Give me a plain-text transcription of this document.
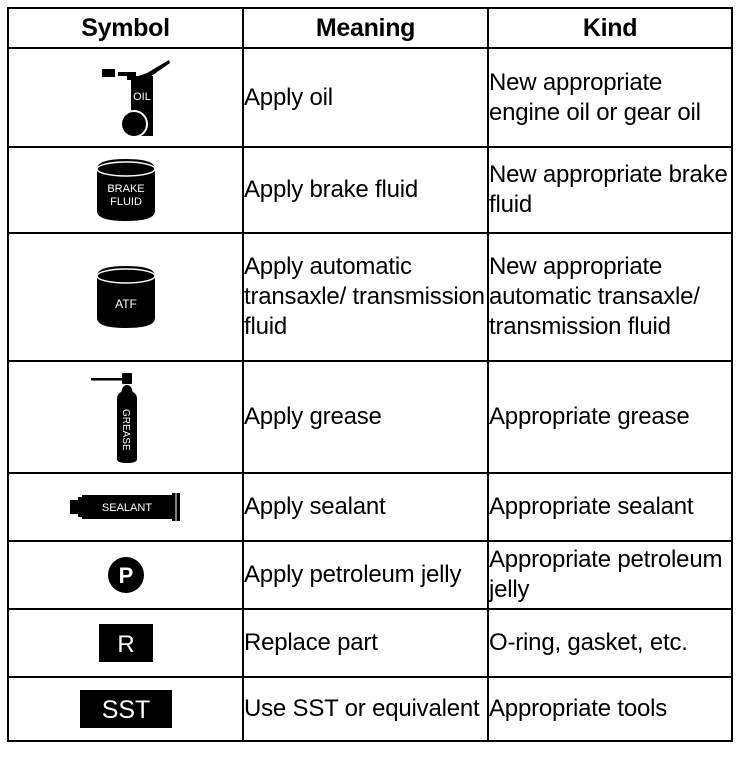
Symbol	Meaning	Kind

OIL	Apply oil	New appropriate engine oil or gear oil

BRAKE
FLUID	Apply brake fluid	New appropriate brake fluid

ATF	Apply automatic transaxle/ transmission fluid	New appropriate automatic transaxle/ transmission fluid

GREASE	Apply grease	Appropriate grease

SEALANT	Apply sealant	Appropriate sealant

P	Apply petroleum jelly	Appropriate petroleum jelly

R	Replace part	O-ring, gasket, etc.

SST	Use SST or equivalent	Appropriate tools
